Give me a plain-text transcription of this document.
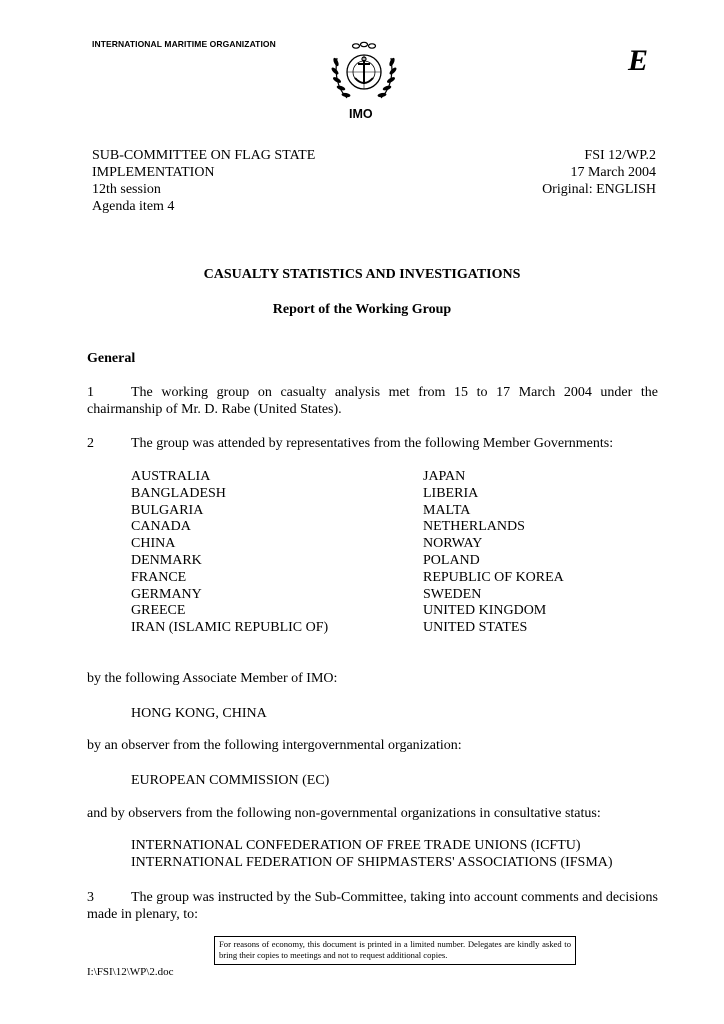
INTERNATIONAL MARITIME ORGANIZATION	E
IMO
SUB-COMMITTEE ON FLAG STATE
IMPLEMENTATION
12th session
Agenda item 4
FSI 12/WP.2
17 March 2004
Original: ENGLISH
CASUALTY STATISTICS AND INVESTIGATIONS
Report of the Working Group
General
1	The working group on casualty analysis met from 15 to 17 March 2004 under the chairmanship of Mr. D. Rabe (United States).
2	The group was attended by representatives from the following Member Governments:
AUSTRALIA
BANGLADESH
BULGARIA
CANADA
CHINA
DENMARK
FRANCE
GERMANY
GREECE
IRAN (ISLAMIC REPUBLIC OF)
JAPAN
LIBERIA
MALTA
NETHERLANDS
NORWAY
POLAND
REPUBLIC OF KOREA
SWEDEN
UNITED KINGDOM
UNITED STATES
by the following Associate Member of IMO:
HONG KONG, CHINA
by an observer from the following intergovernmental organization:
EUROPEAN COMMISSION (EC)
and by observers from the following non-governmental organizations in consultative status:
INTERNATIONAL CONFEDERATION OF FREE TRADE UNIONS (ICFTU)
INTERNATIONAL FEDERATION OF SHIPMASTERS' ASSOCIATIONS (IFSMA)
3	The group was instructed by the Sub-Committee, taking into account comments and decisions made in plenary, to:
For reasons of economy, this document is printed in a limited number. Delegates are kindly asked to bring their copies to meetings and not to request additional copies.
I:\FSI\12\WP\2.doc
